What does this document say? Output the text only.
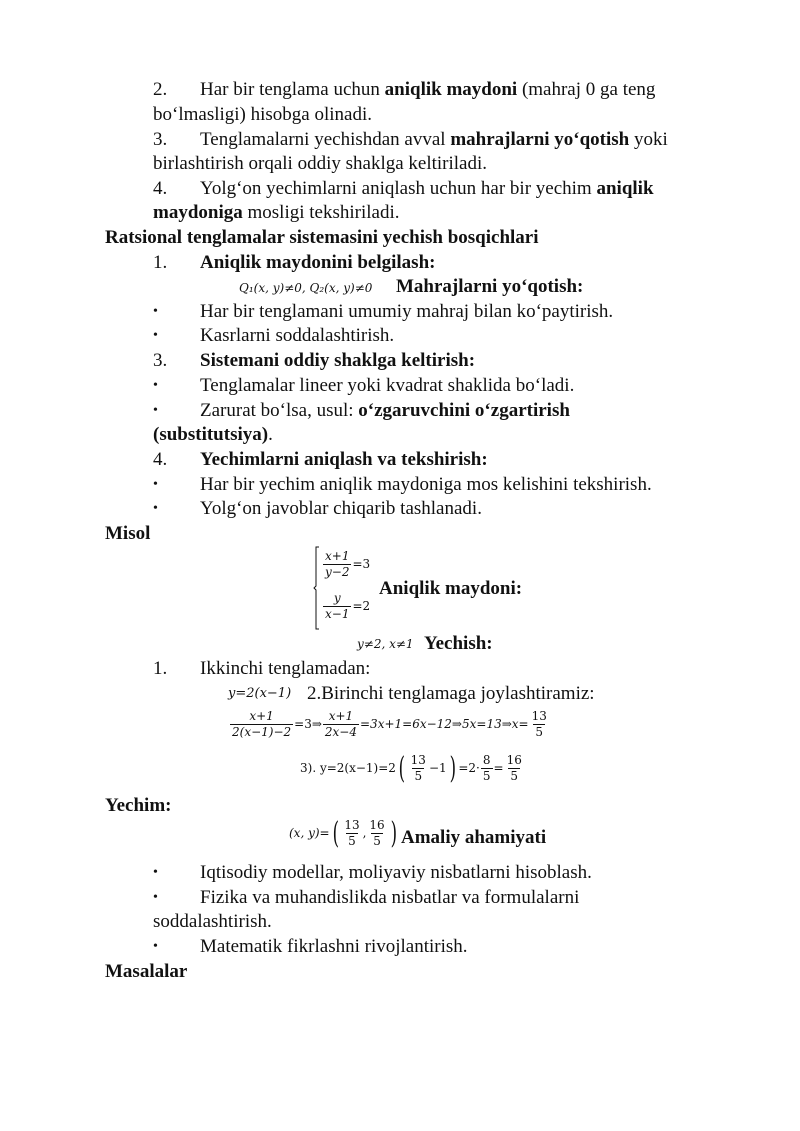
2. Har bir tenglama uchun aniqlik maydoni (mahraj 0 ga teng
bo‘lmasligi) hisobga olinadi.
3. Tenglamalarni yechishdan avval mahrajlarni yo‘qotish yoki
birlashtirish orqali oddiy shaklga keltiriladi.
4. Yolg‘on yechimlarni aniqlash uchun har bir yechim aniqlik
maydoniga mosligi tekshiriladi.
Ratsional tenglamalar sistemasini yechish bosqichlari
1. Aniqlik maydonini belgilash:
Q₁(x, y)≠0, Q₂(x, y)≠0 Mahrajlarni yo‘qotish:
• Har bir tenglamani umumiy mahraj bilan ko‘paytirish.
• Kasrlarni soddalashtirish.
3. Sistemani oddiy shaklga keltirish:
• Tenglamalar lineer yoki kvadrat shaklida bo‘ladi.
• Zarurat bo‘lsa, usul: o‘zgaruvchini o‘zgartirish
(substitutsiya).
4. Yechimlarni aniqlash va tekshirish:
• Har bir yechim aniqlik maydoniga mos kelishini tekshirish.
• Yolg‘on javoblar chiqarib tashlanadi.
Misol
$\frac{x+1}{y-2} =3$
$\frac{y}{x-1} =2$
Aniqlik maydoni:
y≠2, x≠1 Yechish:
1. Ikkinchi tenglamadan:
y=2(x−1) 2.Birinchi tenglamaga joylashtiramiz:
$\frac{x+1}{2(x-1)-2}$ =3⇒ $\frac{x+1}{2x-4}$ =3x+1=6x−12⇒5x=13⇒x= $\frac{13}{5}$
3). $y=2(x-1)=2( \frac{13}{5} -1) =2\cdot \frac{8}{5} = \frac{16}{5}$
Yechim:
(x, $y)=( \frac{13}{5}$ , $\frac{16}{5}$ ) Amaliy ahamiyati
• Iqtisodiy modellar, moliyaviy nisbatlarni hisoblash.
• Fizika va muhandislikda nisbatlar va formulalarni
soddalashtirish.
• Matematik fikrlashni rivojlantirish.
Masalalar
